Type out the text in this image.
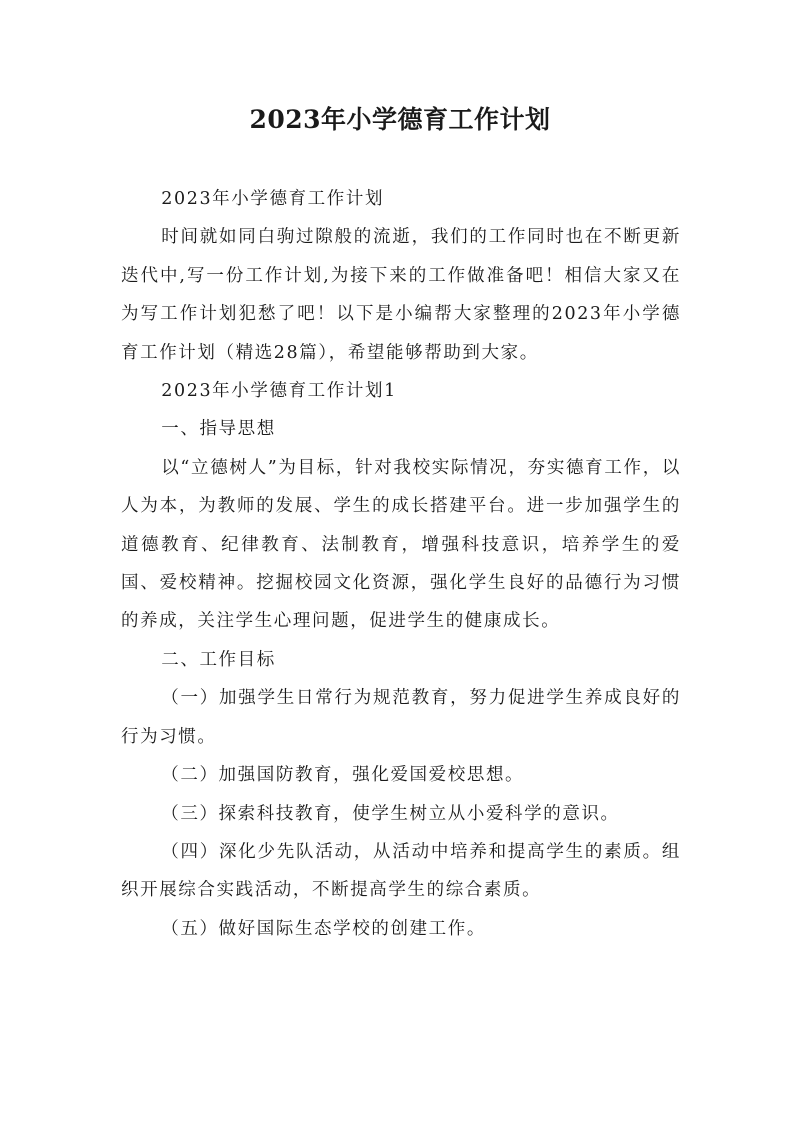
2023年小学德育工作计划

2023年小学德育工作计划

时间就如同白驹过隙般的流逝，我们的工作同时也在不断更新迭代中,写一份工作计划,为接下来的工作做准备吧！相信大家又在为写工作计划犯愁了吧！以下是小编帮大家整理的2023年小学德育工作计划（精选28篇），希望能够帮助到大家。

2023年小学德育工作计划1

一、指导思想

以“立德树人”为目标，针对我校实际情况，夯实德育工作，以人为本，为教师的发展、学生的成长搭建平台。进一步加强学生的道德教育、纪律教育、法制教育，增强科技意识，培养学生的爱国、爱校精神。挖掘校园文化资源，强化学生良好的品德行为习惯的养成，关注学生心理问题，促进学生的健康成长。

二、工作目标

（一）加强学生日常行为规范教育，努力促进学生养成良好的行为习惯。

（二）加强国防教育，强化爱国爱校思想。

（三）探索科技教育，使学生树立从小爱科学的意识。

（四）深化少先队活动，从活动中培养和提高学生的素质。组织开展综合实践活动，不断提高学生的综合素质。

（五）做好国际生态学校的创建工作。
